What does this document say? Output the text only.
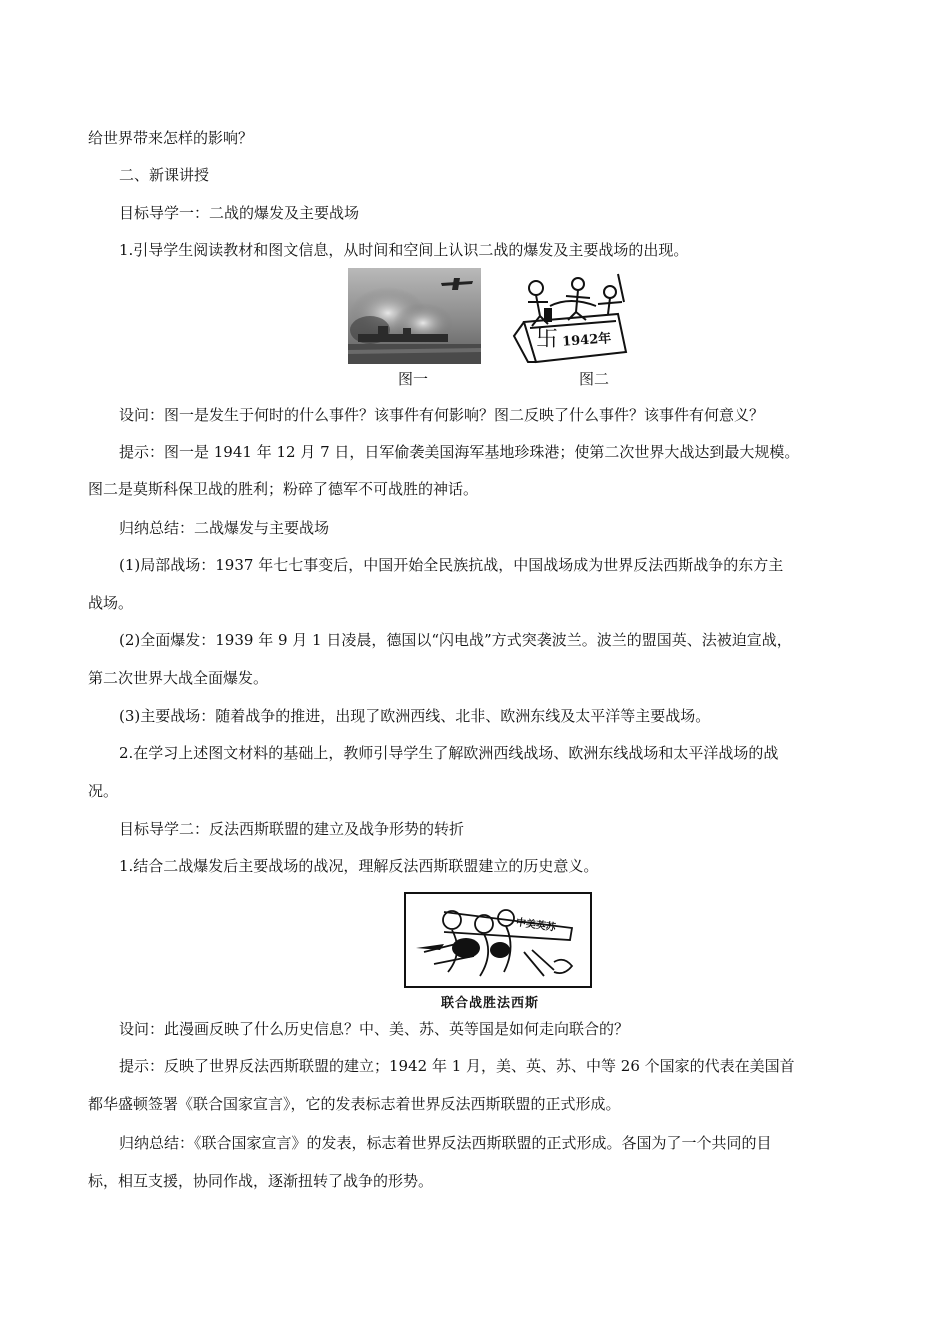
给世界带来怎样的影响？
二、新课讲授
目标导学一：二战的爆发及主要战场
1.引导学生阅读教材和图文信息，从时间和空间上认识二战的爆发及主要战场的出现。
卐 1942年
图一	图二
设问：图一是发生于何时的什么事件？该事件有何影响？图二反映了什么事件？该事件有何意义？
提示：图一是 1941 年 12 月 7 日，日军偷袭美国海军基地珍珠港；使第二次世界大战达到最大规模。
图二是莫斯科保卫战的胜利；粉碎了德军不可战胜的神话。
归纳总结：二战爆发与主要战场
(1)局部战场：1937 年七七事变后，中国开始全民族抗战，中国战场成为世界反法西斯战争的东方主
战场。
(2)全面爆发：1939 年 9 月 1 日凌晨，德国以“闪电战”方式突袭波兰。波兰的盟国英、法被迫宣战，
第二次世界大战全面爆发。
(3)主要战场：随着战争的推进，出现了欧洲西线、北非、欧洲东线及太平洋等主要战场。
2.在学习上述图文材料的基础上，教师引导学生了解欧洲西线战场、欧洲东线战场和太平洋战场的战
况。
目标导学二：反法西斯联盟的建立及战争形势的转折
1.结合二战爆发后主要战场的战况，理解反法西斯联盟建立的历史意义。
中美英苏
联合战胜法西斯
设问：此漫画反映了什么历史信息？中、美、苏、英等国是如何走向联合的？
提示：反映了世界反法西斯联盟的建立；1942 年 1 月，美、英、苏、中等 26 个国家的代表在美国首
都华盛顿签署《联合国家宣言》，它的发表标志着世界反法西斯联盟的正式形成。
归纳总结：《联合国家宣言》的发表，标志着世界反法西斯联盟的正式形成。各国为了一个共同的目
标，相互支援，协同作战，逐渐扭转了战争的形势。
